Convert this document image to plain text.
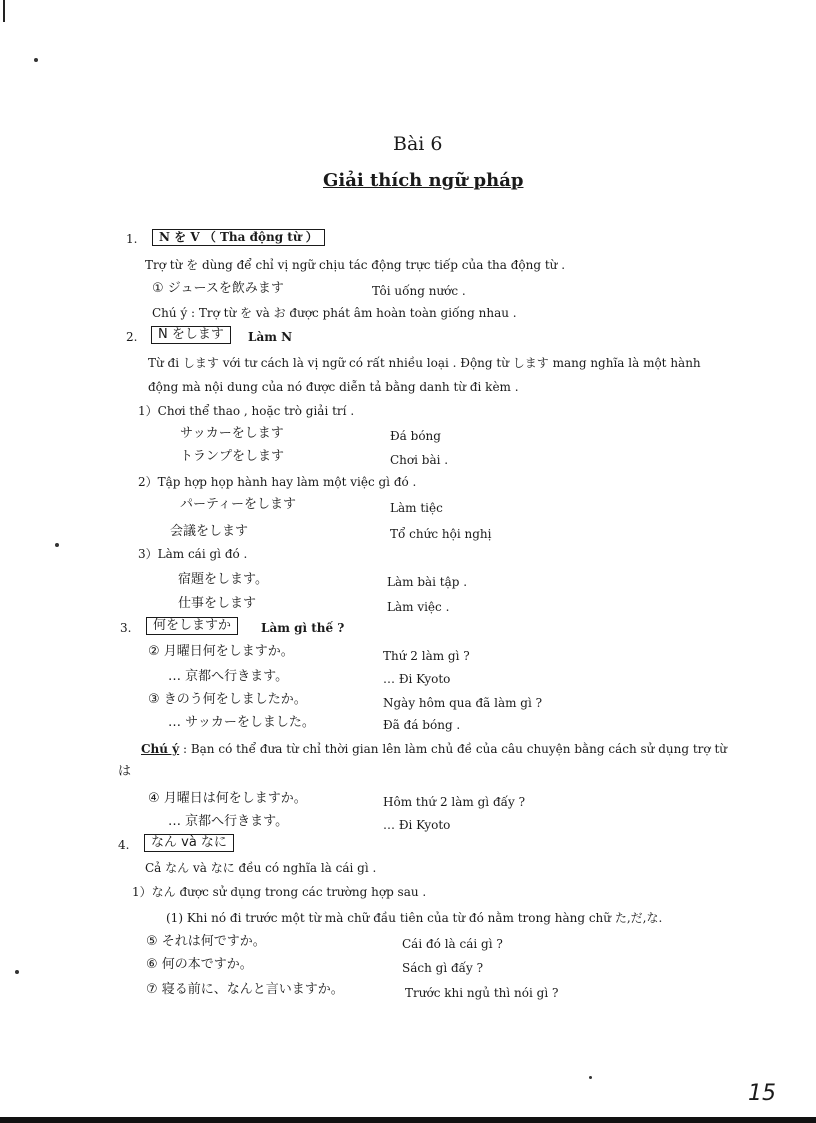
Bài 6
Giải thích ngữ pháp
1.	N を V （ Tha động từ ）
Trợ từ を dùng để chỉ vị ngữ chịu tác động trực tiếp của tha động từ .
① ジュースを飲みます	Tôi uống nước .
Chú ý : Trợ từ を và お được phát âm hoàn toàn giống nhau .
2.	N をします	Làm N
Từ đi します với tư cách là vị ngữ có rất nhiều loại . Động từ します mang nghĩa là một hành
động mà nội dung của nó được diễn tả bằng danh từ đi kèm .
1）Chơi thể thao , hoặc trò giải trí .
サッカーをします	Đá bóng
トランプをします	Chơi bài .
2）Tập hợp họp hành hay làm một việc gì đó .
パーティーをします	Làm tiệc
会議をします	Tổ chức hội nghị
3）Làm cái gì đó .
宿題をします。	Làm bài tập .
仕事をします	Làm việc .
3.	何をしますか	Làm gì thế ?
② 月曜日何をしますか。	Thứ 2 làm gì ?
… 京都へ行きます。	… Đi Kyoto
③ きのう何をしましたか。	Ngày hôm qua đã làm gì ?
… サッカーをしました。	Đã đá bóng .
Chú ý : Bạn có thể đưa từ chỉ thời gian lên làm chủ đề của câu chuyện bằng cách sử dụng trợ từ
は
④ 月曜日は何をしますか。	Hôm thứ 2 làm gì đấy ?
… 京都へ行きます。	… Đi Kyoto
4.	なん và なに
Cả なん và なに đều có nghĩa là cái gì .
1）なん được sử dụng trong các trường hợp sau .
(1) Khi nó đi trước một từ mà chữ đầu tiên của từ đó nằm trong hàng chữ た,だ,な.
⑤ それは何ですか。	Cái đó là cái gì ?
⑥ 何の本ですか。	Sách gì đấy ?
⑦ 寝る前に、なんと言いますか。	Trước khi ngủ thì nói gì ?
15
